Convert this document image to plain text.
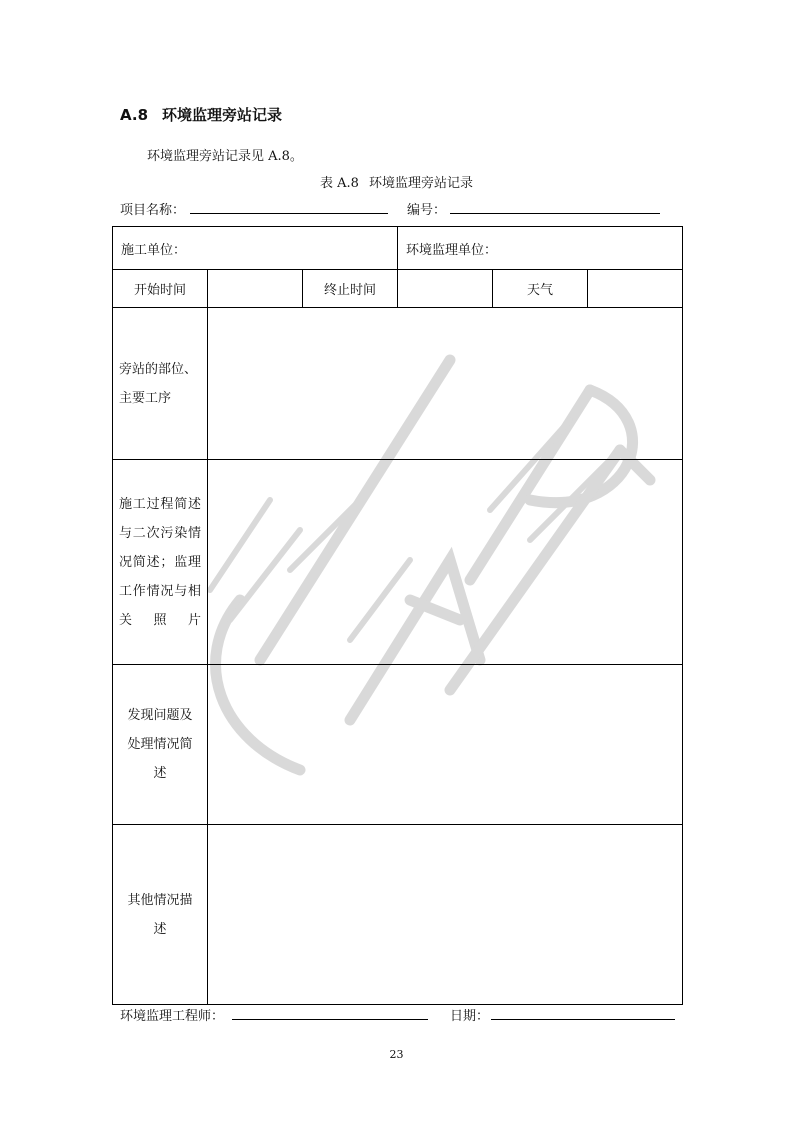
A.8 环境监理旁站记录
环境监理旁站记录见 A.8。
表 A.8 环境监理旁站记录
项目名称：	编号：
施工单位：			环境监理单位：		
开始时间		终止时间		天气	
旁站的部位、主要工序					
施工过程简述与二次污染情况简述；监理工作情况与相关照片					
发现问题及处理情况简述					
其他情况描述					
环境监理工程师：	日期：
23
